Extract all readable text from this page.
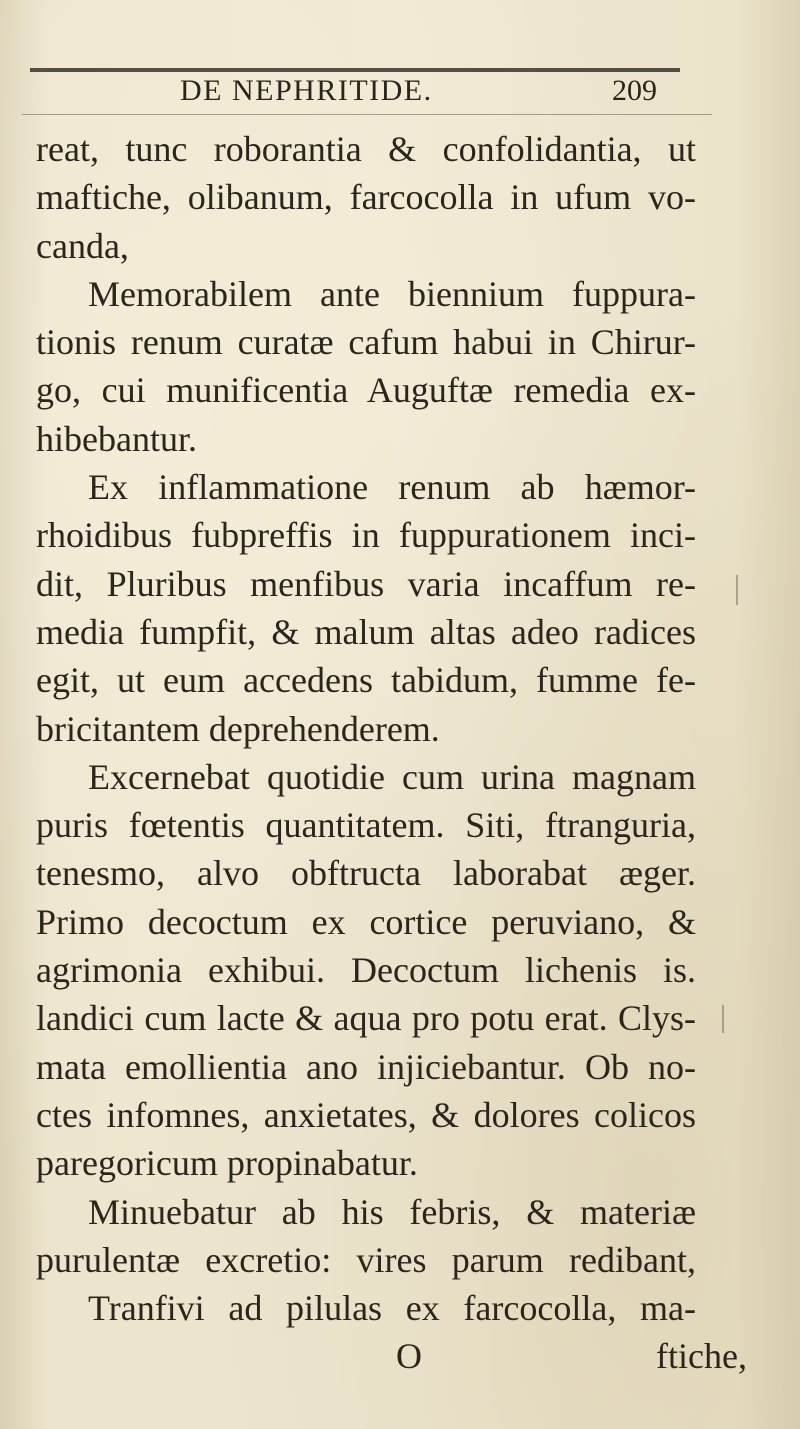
DE NEPHRITIDE.	209
reat, tunc roborantia & confolidantia, ut
maftiche, olibanum, farcocolla in ufum vo-
canda,
Memorabilem ante biennium fuppura-
tionis renum curatæ cafum habui in Chirur-
go, cui munificentia Auguftæ remedia ex-
hibebantur.
Ex inflammatione renum ab hæmor-
rhoidibus fubpreffis in fuppurationem inci-
dit, Pluribus menfibus varia incaffum re-
media fumpfit, & malum altas adeo radices
egit, ut eum accedens tabidum, fumme fe-
bricitantem deprehenderem.
Excernebat quotidie cum urina magnam
puris fœtentis quantitatem. Siti, ftranguria,
tenesmo, alvo obftructa laborabat æger.
Primo decoctum ex cortice peruviano, &
agrimonia exhibui. Decoctum lichenis is.
landici cum lacte & aqua pro potu erat. Clys-
mata emollientia ano injiciebantur. Ob no-
ctes infomnes, anxietates, & dolores colicos
paregoricum propinabatur.
Minuebatur ab his febris, & materiæ
purulentæ excretio: vires parum redibant,
Tranfivi ad pilulas ex farcocolla, ma-
O	ftiche,
